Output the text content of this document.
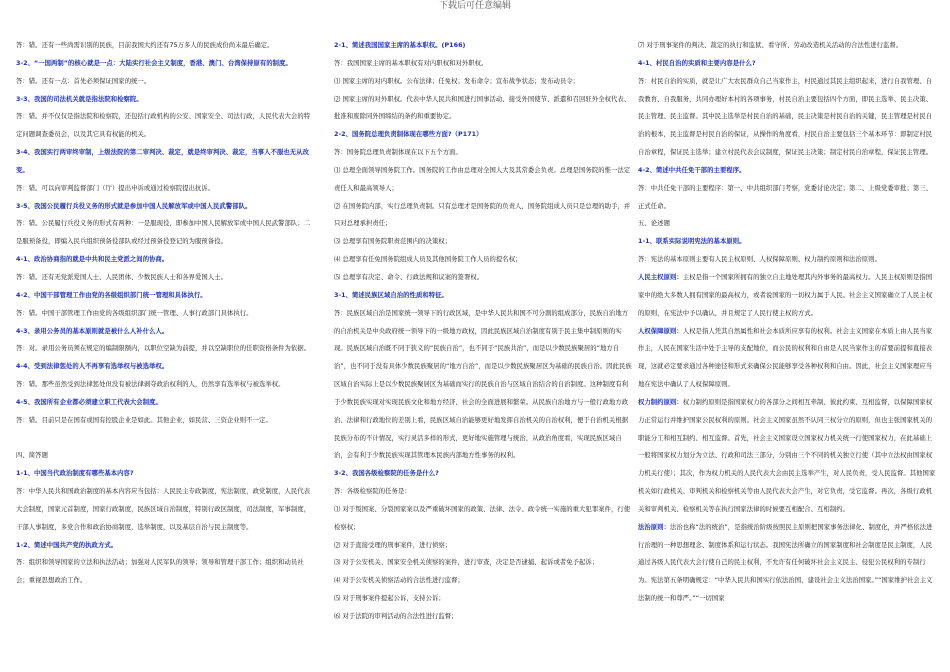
下载后可任意编辑

答：错。还有一些尚需识别的民族，目前我国大约还有75万多人的民族成份尚未最后确定。

3-2、“一国两制”的核心就是一点：大陆实行社会主义制度，香港、澳门、台湾保持原有的制度。

答：错。还有一点：首先必须保证国家的统一。

3-3、我国的司法机关就是指法院和检察院。

答：错。并不仅仅是指法院和检察院，还包括行政机构的公安、国家安全、司法行政，人民代表大会的特定问题调查委员会，以及其它具有权能的机关。

3-4、我国实行两审终审制，上级法院的第二审判决、裁定，就是终审判决、裁定，当事人不服也无从改变。

答：错。可以向审判监督部门（厅）提出申诉或通过检察院提出抗诉。

3-5、我国公民履行兵役义务的形式就是参加中国人民解放军或中国人民武警部队。

答：错。公民履行兵役义务的形式有两种：一是服现役，即参加中国人民解放军或中国人民武警部队；二是服预备役，即编入民兵组织预备役部队或经过预备役登记的为服预备役。

4-1、政治协商指的就是中共和民主党派之间的协商。

答：错。还有无党派爱国人士、人民团体、少数民族人士和各界爱国人士。

4-2、中国干部管理工作由党的各级组织部门统一管理和具体执行。

答：错。中国干部管理工作由党的各级组织部门统一管理、人事行政部门具体执行。

4-3、录用公务员的基本原则就是被什么人补什么人。

答：对。录用公务员须在规定的编制限额内，以职位空缺为前提，并以空缺职位的任职资格条件为依据。

4-4、受到法律惩处的人不再享有选举权与被选举权。

答：错。那些虽然受到法律惩处但没有被法律剥夺政治权利的人，仍然享有选举权与被选举权。

4-5、我国所有企业都必须建立职工代表大会制度。

答：错。目前只是在国有或国有控股企业是如此。其他企业，如民营、三资企业则不一定。

四、简答题

1-1、中国当代政治制度有哪些基本内容?

答：中华人民共和国政治制度的基本内容应当包括：人民民主专政制度，宪法制度，政党制度，人民代表大会制度，国家元首制度，国家行政制度，民族区域自治制度，特别行政区制度，司法制度，军事制度，干部人事制度，多党合作和政治协商制度，选举制度，以及基层自治与民主制度等。

1-2、简述中国共产党的执政方式。

答：组织和领导国家的立法和执法活动；加强对人民军队的领导；领导和管理干部工作；组织和动员社会；重视思想政治工作。

2-1、简述我国国家主席的基本职权。(P166)

答：我国国家主席的基本职权有对内职权和对外职权。

⑴ 国家主席的对内职权。公布法律；任免权；发布命令；宣布战争状态；发布动员令；

⑵ 国家主席的对外职权。代表中华人民共和国进行国事活动、接受外国使节、派遣和召回驻外全权代表、批准和废除同外国缔结的条约和重要协定。

2-2、国务院总理负责制体现在哪些方面?（P171）

答：国务院总理负责制体现在以下五个方面。

⑴ 总理全面领导国务院工作。国务院的工作由总理对全国人大及其常委会负责。总理是国务院的惟一法定责任人和最高领导人；

⑵ 在国务院内部，实行总理负责制。只有总理才是国务院的负责人，国务院组成人员只是总理的助手，并只对总理承担责任；

⑶ 总理享有国务院职责范围内的决策权；

⑷ 总理享有任免国务院组成人员及其他国务院工作人员的提名权；

⑸ 总理享有决定、命令、行政法规和议案的签署权。

3-1、简述民族区域自治的性质和特征。

答：民族区域自治是国家统一领导下的行政区域，是中华人民共和国不可分割的组成部分，民族自治地方的自治机关是中央政府统一领导下的一级地方政权，因此民族区域自治制度有别于民主集中制原则的实现。民族区域自治既不同于狭义的“民族自治”，也不同于“民族共治”，而是以少数民族聚居的“地方自治”，也不同于没有具体少数民族聚居的“地方自治”，而是以少数民族聚居区为基础的民族自治。因此民族区域自治实际上是以少数民族聚居区为基础而实行的民族自治与区域自治结合的自治制度。这种制度有利于少数民族实现对实现民族文化和地方经济、社会的全面进展和繁荣。从民族自治地方与一般行政地方政治、法律和行政地位的差别上看，民族区域自治能够更好地发挥自治机关的自治权利，便于自治机关根据民族分布的不计情况，实行灵活多样的形式，更好地实施管理与统治，从政治角度看，实现民族区域自治，会有利于少数民族实现其管理本民族内部地方性事务的权利。

3-2、我国各级检察院的任务是什么?

答：各级检察院的任务是：

⑴ 对于叛国案、分裂国家案以及严重破坏国家的政策、法律、法令、政令统一实施的重大犯罪案件，行使检察权；

⑵ 对于直接受理的刑事案件，进行侦察；

⑶ 对于公安机关、国家安全机关侦察的案件，进行审查，决定是否逮捕、起诉或者免予起诉；

⑷ 对于公安机关侦察活动的合法性进行监督；

⑸ 对于刑事案件提起公诉，支持公诉；

⑹ 对于法院的审判活动的合法性进行监督；

⑺ 对于刑事案件的判决、裁定的执行和监狱、看守所、劳动改造机关活动的合法性进行监督。

4-1、村民自治的实质和主要内容是什么?

答：村民自治的实质，就是让广大农民群众自己当家作主，村民通过其民主组织起来，进行自我管理、自我教育、自我服务，共同办理好本村的各项事务，村民自治主要包括四个方面，即民主选举、民主决策、民主管理、民主监督。其中民主选举是村民自治的基础，民主决策是村民自治的关键，民主管理是村民自治的根本，民主监督是村民自治的保证，从操作的角度看，村民自治主要包括三个基本环节：即制定村民自治章程，保证民主选举；建立村民代表会议制度，保证民主决策；制定村民自治章程，保证民主管理。

4-2、简述中共任免干部的主要程序。

答：中共任免干部的主要程序：第一、中共组织部门考察，党委讨论决定；第二、上级党委审批；第三、正式任命。

五、论述题

1-1、联系实际说明宪法的基本原则。

答：宪法的基本原则主要有人民主权原则、人权保障原则、权力制约原则和法治原则。

人民主权原则：主权是指一个国家所拥有的独立自主地处理其内外事务的最高权力。人民主权原则是指国家中的绝大多数人拥有国家的最高权力，或者说国家的一切权力属于人民。社会主义国家确立了人民主权的原则，在宪法中予以确认，并且规定了人民行使主权的方式。

人权保障原则：人权是指人凭其自然属性和社会本质所应享有的权利。社会主义国家在本质上由人民当家作主，人民在国家生活中处于主导的支配地位，而公民的权利和自由是人民当家作主的首要前提和直接表现，这就必定要求通过各种途径和形式来确保公民能够享受各种权利和自由。因此，社会主义国家理应当地在宪法中确认了人权保障原则。

权力制约原则：权力制约原则是指国家权力的各部分之间相互牵制、彼此约束、互相监督，以保障国家权力正常运行并维护国家公民权利的原则。社会主义国家虽然不认同三权分立的原则，但也主张国家机关的职能分工和相互制约、相互监督。首先，社会主义国家设立国家权力机关统一行使国家权力，在此基础上一般将国家权力划分为立法、行政和司法三部分，分别由三个不同的机关独立行使（其中立法权由国家权力机关行使）；其次，作为权力机关的人民代表大会由民主选举产生，对人民负责，受人民监督。其他国家机关如行政机关、审判机关和检察机关等由人民代表大会产生，对它负责，受它监督。再次，各级行政机关和审判机关、检察机关等在执行国家法律的时候要互相配合、互相制约。

法治原则：法治也称“法的统治”，是指统治阶级按照民主原则把国家事务法律化、制度化，并严格依法进行治理的一种思想理念、制度体系和运行状态。我国宪法所确立的国家制度和社会制度是民主制度，人民通过各级人民代表大会行使自己的民主权利，不允许有任何破坏社会主义民主、侵犯公民权利的专制行为。宪法第五条明确规定：“中华人民共和国实行依法治国，建设社会主义法治国家。”“国家维护社会主义法制的统一和尊严。”“一切国家
